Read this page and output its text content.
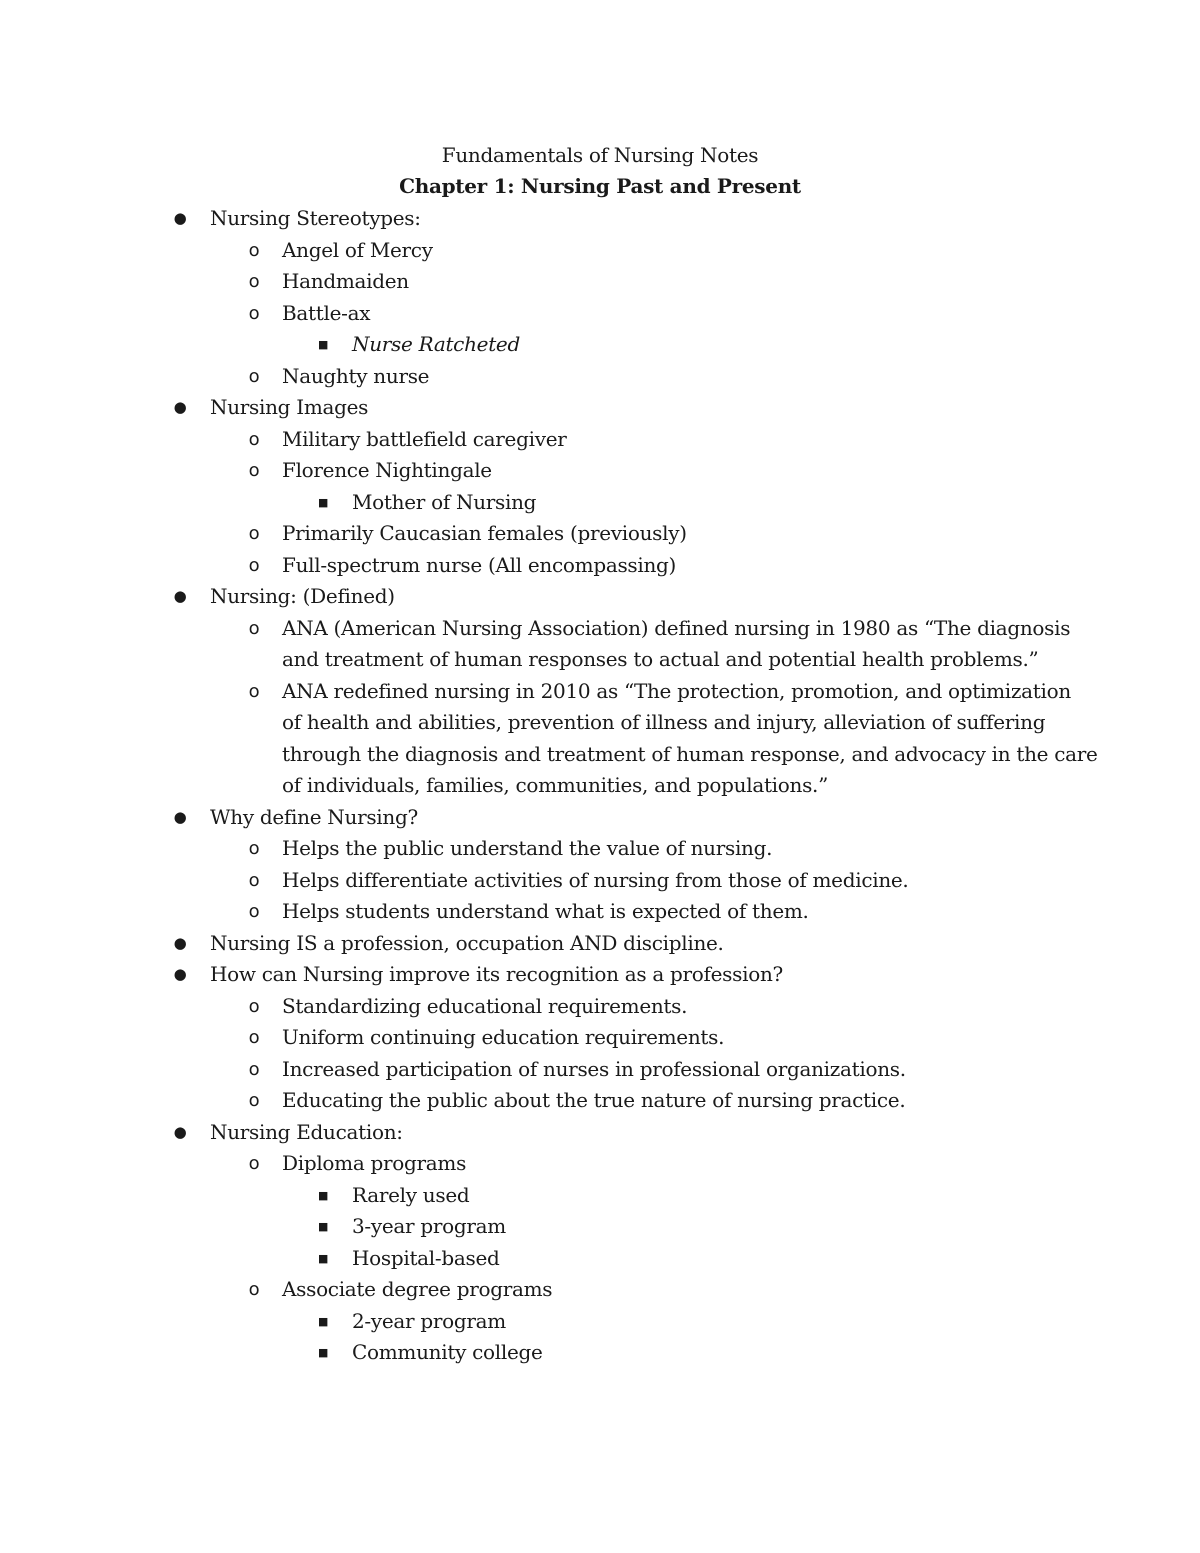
Fundamentals of Nursing Notes
Chapter 1: Nursing Past and Present
● Nursing Stereotypes:
o Angel of Mercy
o Handmaiden
o Battle-ax
■ Nurse Ratcheted
o Naughty nurse
● Nursing Images
o Military battlefield caregiver
o Florence Nightingale
■ Mother of Nursing
o Primarily Caucasian females (previously)
o Full-spectrum nurse (All encompassing)
● Nursing: (Defined)
o ANA (American Nursing Association) defined nursing in 1980 as “The diagnosis
and treatment of human responses to actual and potential health problems.”
o ANA redefined nursing in 2010 as “The protection, promotion, and optimization
of health and abilities, prevention of illness and injury, alleviation of suffering
through the diagnosis and treatment of human response, and advocacy in the care
of individuals, families, communities, and populations.”
● Why define Nursing?
o Helps the public understand the value of nursing.
o Helps differentiate activities of nursing from those of medicine.
o Helps students understand what is expected of them.
● Nursing IS a profession, occupation AND discipline.
● How can Nursing improve its recognition as a profession?
o Standardizing educational requirements.
o Uniform continuing education requirements.
o Increased participation of nurses in professional organizations.
o Educating the public about the true nature of nursing practice.
● Nursing Education:
o Diploma programs
■ Rarely used
■ 3-year program
■ Hospital-based
o Associate degree programs
■ 2-year program
■ Community college
